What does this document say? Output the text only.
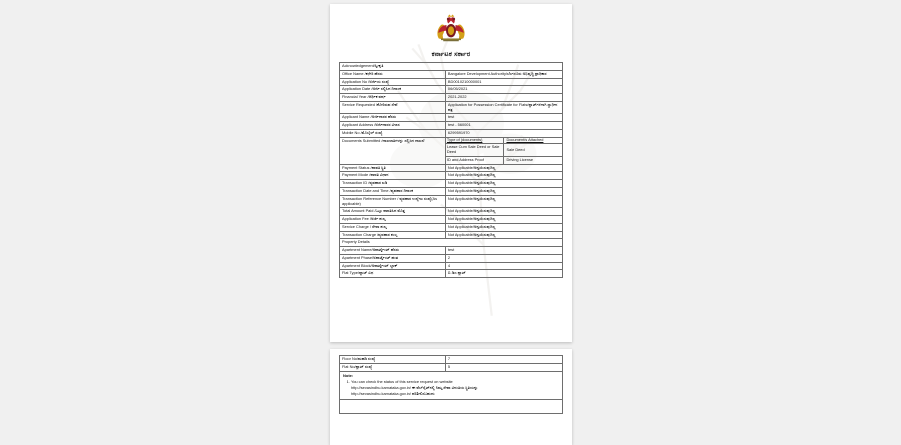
ಕರ್ನಾಟಕ ಸರ್ಕಾರ
Acknowledgement/ಸ್ವೀಕೃತಿ
Office Name /ಕಛೇರಿ ಹೆಸರು	Bangalore Development Authority/ಬೆಂಗಳೂರು ಅಭಿವೃದ್ಧಿ ಪ್ರಾಧಿಕಾರ
Application No /ಅರ್ಜಿಯ ಸಂಖ್ಯೆ	BD0010210000001
Application Date /ಅರ್ಜಿ ಸಲ್ಲಿಸಿದ ದಿನಾಂಕ	06/05/2021
Financial Year /ಆರ್ಥಿಕ ವರ್ಷ	2021-2022
Service Requested /ಕೋರಿರುವ ಸೇವೆ	Application for Possession Certificate for Flats/ಫ್ಲಾಟ್‌ಗಳಿಗಾಗಿ ಸ್ವಾಧೀನ ಪತ್ರ
Applicant Name /ಅರ್ಜಿದಾರರ ಹೆಸರು	test
Applicant Address /ಅರ್ಜಿದಾರರ ವಿಳಾಸ	test - 560001
Mobile No /ಮೊಬೈಲ್ ಸಂಖ್ಯೆ	6299591970
Documents Submitted /ದಾಖಲಾತಿಗಳನ್ನು ಸಲ್ಲಿಸಿದ ದಾಖಲೆ		Type of (documents)	Document/s Attached
Lease Cum Sale Deed or Sale Deed	Sale Deed
ID and Address Proof	Driving License

Payment Status /ಪಾವತಿ ಸ್ಥಿತಿ	Not Applicable/ಅನ್ವಯಿಸುವುದಿಲ್ಲ
Payment Mode /ಪಾವತಿ ವಿಧಾನ	Not Applicable/ಅನ್ವಯಿಸುವುದಿಲ್ಲ
Transaction ID /ವ್ಯವಹಾರ ಐಡಿ	Not Applicable/ಅನ್ವಯಿಸುವುದಿಲ್ಲ
Transaction Date and Time /ವ್ಯವಹಾರ ದಿನಾಂಕ	Not Applicable/ಅನ್ವಯಿಸುವುದಿಲ್ಲ
Transaction Reference Number / ವ್ಯವಹಾರ ಉಲ್ಲೇಖ ಸಂಖ್ಯೆ(As applicable)	Not Applicable/ಅನ್ವಯಿಸುವುದಿಲ್ಲ
Total Amount Paid /ಒಟ್ಟು ಪಾವತಿಸಿದ ಮೊತ್ತ	Not Applicable/ಅನ್ವಯಿಸುವುದಿಲ್ಲ
Application Fee /ಅರ್ಜಿ ಶುಲ್ಕ	Not Applicable/ಅನ್ವಯಿಸುವುದಿಲ್ಲ
Service Charge / ಸೇವಾ ಶುಲ್ಕ	Not Applicable/ಅನ್ವಯಿಸುವುದಿಲ್ಲ
Transaction Charge /ವ್ಯವಹಾರ ಶುಲ್ಕ	Not Applicable/ಅನ್ವಯಿಸುವುದಿಲ್ಲ
Property Details
Apartment Name/ಅಪಾರ್ಟ್ಮೆಂಟ್ ಹೆಸರು	test
Apartment Phase/ಅಪಾರ್ಟ್ಮೆಂಟ್ ಹಂತ	2
Apartment Block/ಅಪಾರ್ಟ್ಮೆಂಟ್ ಬ್ಲಾಕ್	4
Flat Type/ಫ್ಲಾಟ್ ವಿಧ	ಬಿ ಡಿಎ ಫ್ಲಾಟ್
Floor No/ಮಹಡಿ ಸಂಖ್ಯೆ	7
Flat No/ಫ್ಲಾಟ್ ಸಂಖ್ಯೆ	5

Note:
1. You can check the status of this service request on website
http://sevasindhu.karnataka.gov.in/ ಈ ವೆಬ್‌ಸೈಟ್‌ನಲ್ಲಿ ನಿಮ್ಮ ಸೇವಾ ವಿನಂತಿಯ ಸ್ಥಿತಿಯನ್ನು
http://sevasindhu.karnataka.gov.in/ ಪರಿಶೀಲಿಸಬಹುದು
